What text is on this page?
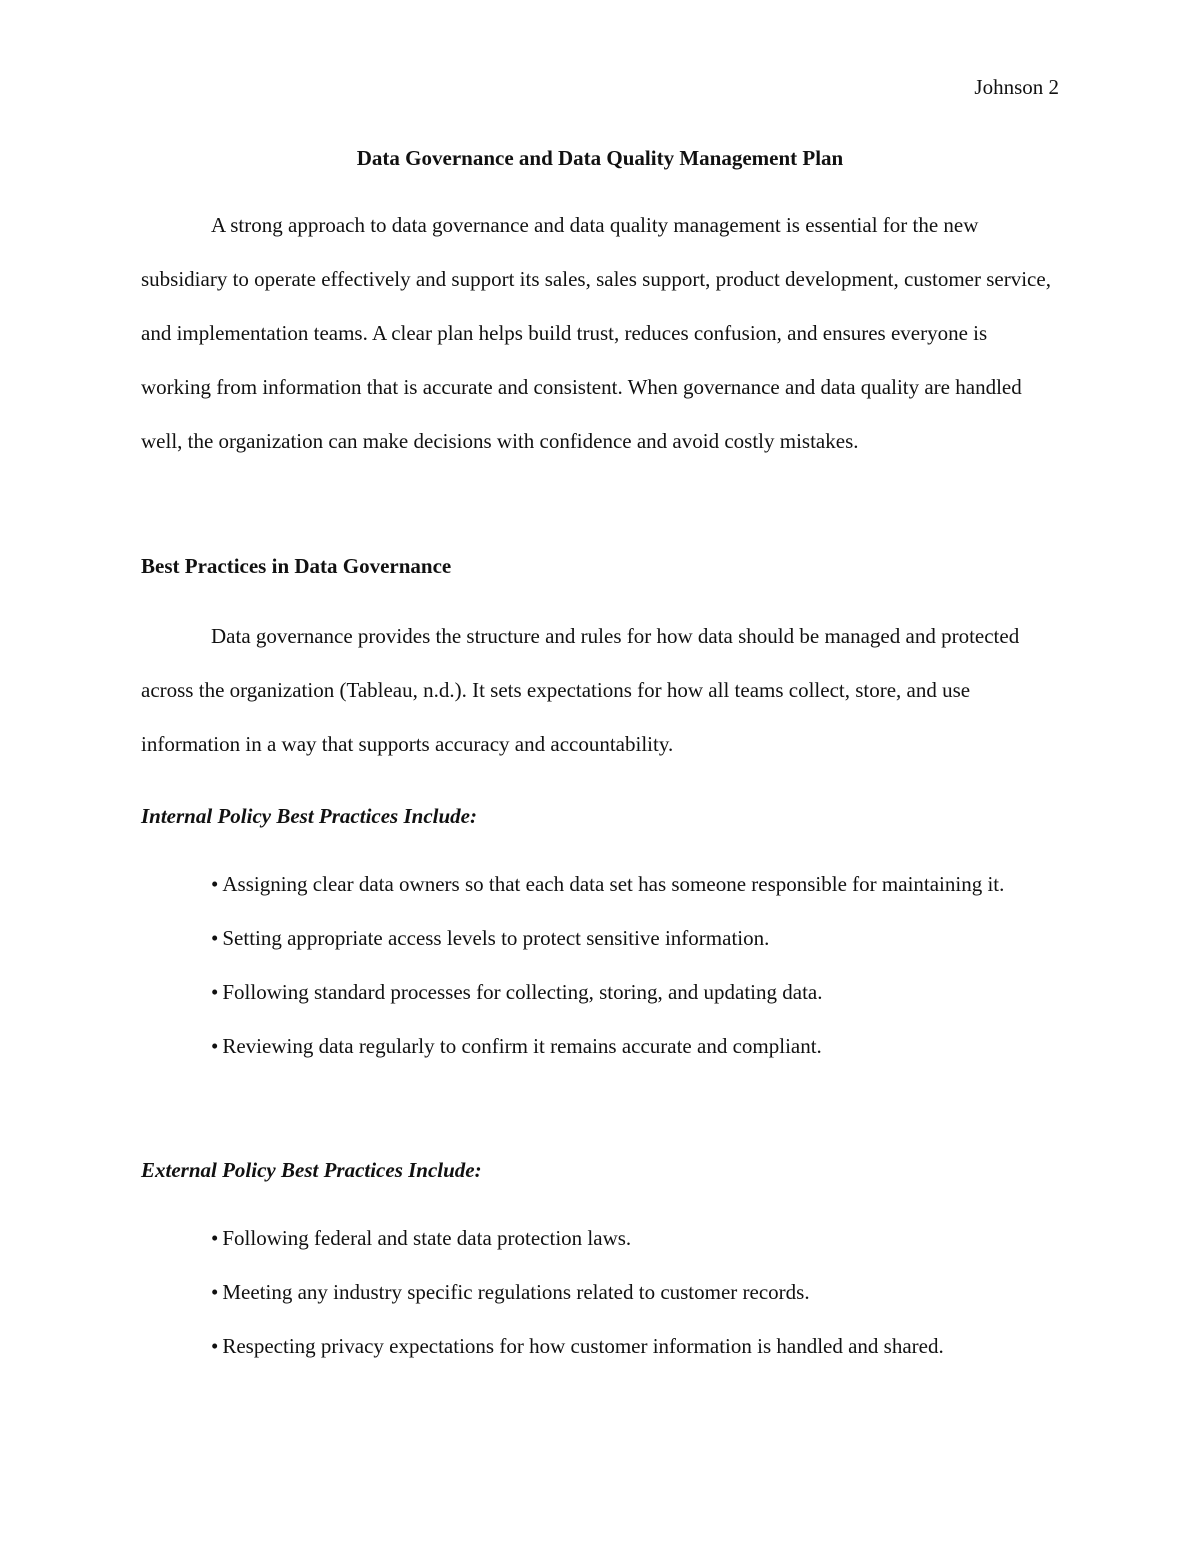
Johnson 2
Data Governance and Data Quality Management Plan

A strong approach to data governance and data quality management is essential for the new subsidiary to operate effectively and support its sales, sales support, product development, customer service, and implementation teams. A clear plan helps build trust, reduces confusion, and ensures everyone is working from information that is accurate and consistent. When governance and data quality are handled well, the organization can make decisions with confidence and avoid costly mistakes.

Best Practices in Data Governance

Data governance provides the structure and rules for how data should be managed and protected across the organization (Tableau, n.d.). It sets expectations for how all teams collect, store, and use information in a way that supports accuracy and accountability.

Internal Policy Best Practices Include:
• Assigning clear data owners so that each data set has someone responsible for maintaining it.
• Setting appropriate access levels to protect sensitive information.
• Following standard processes for collecting, storing, and updating data.
• Reviewing data regularly to confirm it remains accurate and compliant.
External Policy Best Practices Include:
• Following federal and state data protection laws.
• Meeting any industry specific regulations related to customer records.
• Respecting privacy expectations for how customer information is handled and shared.
